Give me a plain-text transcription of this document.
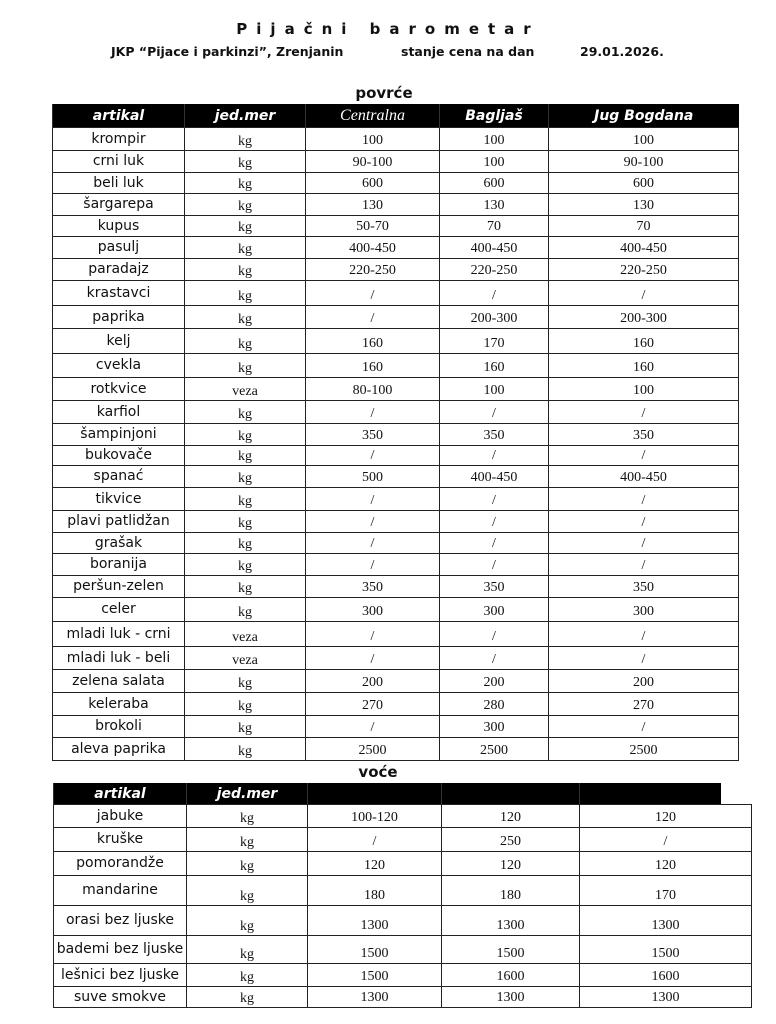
Pijačni barometar
JKP “Pijace i parkinzi”, Zrenjanin	stanje cena na dan	29.01.2026.
povrće
artikal	jed.mer	Centralna	Bagljaš	Jug Bogdana
krompir	kg	100	100	100
crni luk	kg	90-100	100	90-100
beli luk	kg	600	600	600
šargarepa	kg	130	130	130
kupus	kg	50-70	70	70
pasulj	kg	400-450	400-450	400-450
paradajz	kg	220-250	220-250	220-250
krastavci	kg	/	/	/
paprika	kg	/	200-300	200-300
kelj	kg	160	170	160
cvekla	kg	160	160	160
rotkvice	veza	80-100	100	100
karfiol	kg	/	/	/
šampinjoni	kg	350	350	350
bukovače	kg	/	/	/
spanać	kg	500	400-450	400-450
tikvice	kg	/	/	/
plavi patlidžan	kg	/	/	/
grašak	kg	/	/	/
boranija	kg	/	/	/
peršun-zelen	kg	350	350	350
celer	kg	300	300	300
mladi luk - crni	veza	/	/	/
mladi luk - beli	veza	/	/	/
zelena salata	kg	200	200	200
keleraba	kg	270	280	270
brokoli	kg	/	300	/
aleva paprika	kg	2500	2500	2500
voće
artikal	jed.mer			
jabuke	kg	100-120	120	120
kruške	kg	/	250	/
pomorandže	kg	120	120	120
mandarine	kg	180	180	170
orasi bez ljuske	kg	1300	1300	1300
bademi bez ljuske	kg	1500	1500	1500
lešnici bez ljuske	kg	1500	1600	1600
suve smokve	kg	1300	1300	1300
